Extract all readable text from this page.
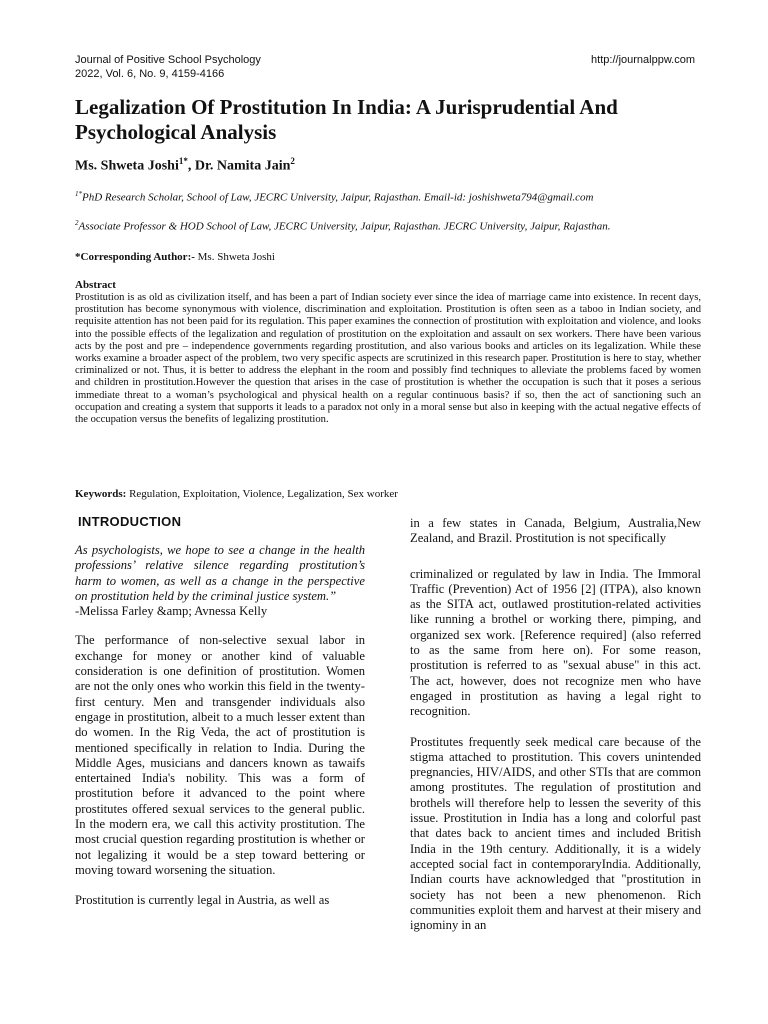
Journal of Positive School Psychology
2022, Vol. 6, No. 9, 4159-4166
http://journalppw.com
Legalization Of Prostitution In India: A Jurisprudential And Psychological Analysis
Ms. Shweta Joshi$^{1*}$, Dr. Namita Jain$^2$
$^{1*}$PhD Research Scholar, School of Law, JECRC University, Jaipur, Rajasthan. Email-id: joshishweta794@gmail.com
$^2$Associate Professor & HOD School of Law, JECRC University, Jaipur, Rajasthan. JECRC University, Jaipur, Rajasthan.
*Corresponding Author:- Ms. Shweta Joshi
Abstract
Prostitution is as old as civilization itself, and has been a part of Indian society ever since the idea of marriage came into existence. In recent days, prostitution has become synonymous with violence, discrimination and exploitation. Prostitution is often seen as a taboo in Indian society, and requisite attention has not been paid for its regulation. This paper examines the connection of prostitution with exploitation and violence, and looks into the possible effects of the legalization and regulation of prostitution on the exploitation and assault on sex workers. There have been various acts by the post and pre – independence governments regarding prostitution, and also various books and articles on its legalization. While these works examine a broader aspect of the problem, two very specific aspects are scrutinized in this research paper. Prostitution is here to stay, whether criminalized or not. Thus, it is better to address the elephant in the room and possibly find techniques to alleviate the problems faced by women and children in prostitution.However the question that arises in the case of prostitution is whether the occupation is such that it poses a serious immediate threat to a woman’s psychological and physical health on a regular continuous basis? if so, then the act of sanctioning such an occupation and creating a system that supports it leads to a paradox not only in a moral sense but also in keeping with the actual negative effects of the occupation versus the benefits of legalizing prostitution.
Keywords: Regulation, Exploitation, Violence, Legalization, Sex worker
INTRODUCTION

As psychologists, we hope to see a change in the health professions’ relative silence regarding prostitution’s harm to women, as well as a change in the perspective on prostitution held by the criminal justice system.”

-Melissa Farley &amp; Avnessa Kelly

The performance of non-selective sexual labor in exchange for money or another kind of valuable consideration is one definition of prostitution. Women are not the only ones who workin this field in the twenty-first century. Men and transgender individuals also engage in prostitution, albeit to a much lesser extent than do women. In the Rig Veda, the act of prostitution is mentioned specifically in relation to India. During the Middle Ages, musicians and dancers known as tawaifs entertained India's nobility. This was a form of prostitution before it advanced to the point where prostitutes offered sexual services to the general public. In the modern era, we call this activity prostitution. The most crucial question regarding prostitution is whether or not legalizing it would be a step toward bettering or moving toward worsening the situation.

Prostitution is currently legal in Austria, as well as

in a few states in Canada, Belgium, Australia,New Zealand, and Brazil. Prostitution is not specifically

criminalized or regulated by law in India. The Immoral Traffic (Prevention) Act of 1956 [2] (ITPA), also known as the SITA act, outlawed prostitution-related activities like running a brothel or working there, pimping, and organized sex work. [Reference required] (also referred to as the same from here on). For some reason, prostitution is referred to as "sexual abuse" in this act. The act, however, does not recognize men who have engaged in prostitution as having a legal right to recognition.

Prostitutes frequently seek medical care because of the stigma attached to prostitution. This covers unintended pregnancies, HIV/AIDS, and other STIs that are common among prostitutes. The regulation of prostitution and brothels will therefore help to lessen the severity of this issue. Prostitution in India has a long and colorful past that dates back to ancient times and included British India in the 19th century. Additionally, it is a widely accepted social fact in contemporaryIndia. Additionally, Indian courts have acknowledged that "prostitution in society has not been a new phenomenon. Rich communities exploit them and harvest at their misery and ignominy in an
